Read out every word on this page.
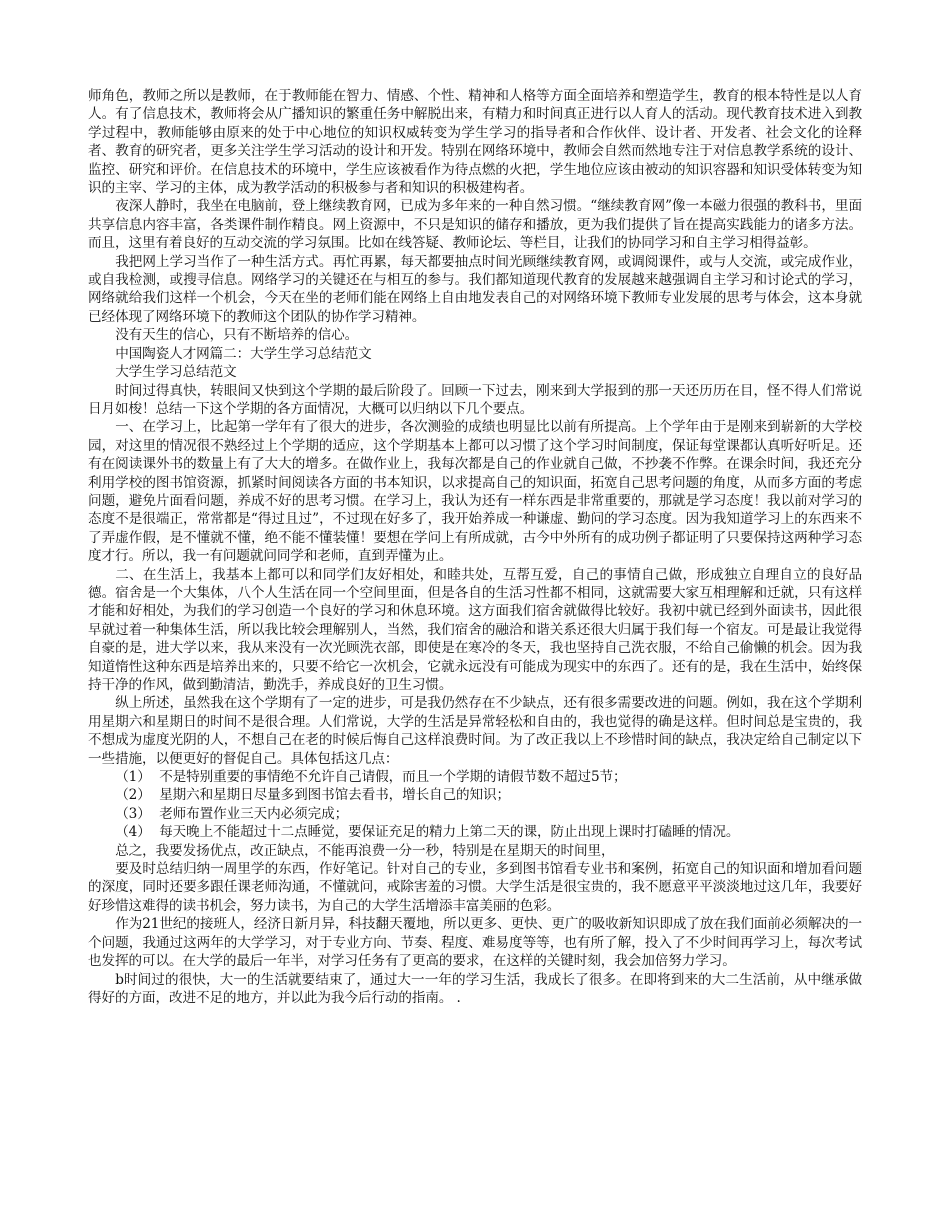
师角色，教师之所以是教师，在于教师能在智力、情感、个性、精神和人格等方面全面培养和塑造学生，教育的根本特性是以人育人。有了信息技术，教师将会从广播知识的繁重任务中解脱出来，有精力和时间真正进行以人育人的活动。现代教育技术进入到教学过程中，教师能够由原来的处于中心地位的知识权威转变为学生学习的指导者和合作伙伴、设计者、开发者、社会文化的诠释者、教育的研究者，更多关注学生学习活动的设计和开发。特别在网络环境中，教师会自然而然地专注于对信息教学系统的设计、监控、研究和评价。在信息技术的环境中，学生应该被看作为待点燃的火把，学生地位应该由被动的知识容器和知识受体转变为知识的主宰、学习的主体，成为教学活动的积极参与者和知识的积极建构者。

夜深人静时，我坐在电脑前，登上继续教育网，已成为多年来的一种自然习惯。“继续教育网”像一本磁力很强的教科书，里面共享信息内容丰富，各类课件制作精良。网上资源中，不只是知识的储存和播放，更为我们提供了旨在提高实践能力的诸多方法。而且，这里有着良好的互动交流的学习氛围。比如在线答疑、教师论坛、等栏目，让我们的协同学习和自主学习相得益彰。

我把网上学习当作了一种生活方式。再忙再累，每天都要抽点时间光顾继续教育网，或调阅课件，或与人交流，或完成作业，或自我检测，或搜寻信息。网络学习的关键还在与相互的参与。我们都知道现代教育的发展越来越强调自主学习和讨论式的学习，网络就给我们这样一个机会，今天在坐的老师们能在网络上自由地发表自己的对网络环境下教师专业发展的思考与体会，这本身就已经体现了网络环境下的教师这个团队的协作学习精神。

没有天生的信心，只有不断培养的信心。

中国陶瓷人才网篇二：大学生学习总结范文

大学生学习总结范文

时间过得真快，转眼间又快到这个学期的最后阶段了。回顾一下过去，刚来到大学报到的那一天还历历在目，怪不得人们常说日月如梭！总结一下这个学期的各方面情况，大概可以归纳以下几个要点。

一、在学习上，比起第一学年有了很大的进步，各次测验的成绩也明显比以前有所提高。上个学年由于是刚来到崭新的大学校园，对这里的情况很不熟经过上个学期的适应，这个学期基本上都可以习惯了这个学习时间制度，保证每堂课都认真听好听足。还有在阅读课外书的数量上有了大大的增多。在做作业上，我每次都是自己的作业就自己做，不抄袭不作弊。在课余时间，我还充分利用学校的图书馆资源，抓紧时间阅读各方面的书本知识，以求提高自己的知识面，拓宽自己思考问题的角度，从而多方面的考虑问题，避免片面看问题，养成不好的思考习惯。在学习上，我认为还有一样东西是非常重要的，那就是学习态度！我以前对学习的态度不是很端正，常常都是“得过且过”，不过现在好多了，我开始养成一种谦虚、勤问的学习态度。因为我知道学习上的东西来不了弄虚作假，是不懂就不懂，绝不能不懂装懂！要想在学问上有所成就，古今中外所有的成功例子都证明了只要保持这两种学习态度才行。所以，我一有问题就问同学和老师，直到弄懂为止。

二、在生活上，我基本上都可以和同学们友好相处，和睦共处，互帮互爱，自己的事情自己做，形成独立自理自立的良好品德。宿舍是一个大集体，八个人生活在同一个空间里面，但是各自的生活习性都不相同，这就需要大家互相理解和迁就，只有这样才能和好相处，为我们的学习创造一个良好的学习和休息环境。这方面我们宿舍就做得比较好。我初中就已经到外面读书，因此很早就过着一种集体生活，所以我比较会理解别人，当然，我们宿舍的融洽和谐关系还很大归属于我们每一个宿友。可是最让我觉得自豪的是，进大学以来，我从来没有一次光顾洗衣部，即使是在寒冷的冬天，我也坚持自己洗衣服，不给自己偷懒的机会。因为我知道惰性这种东西是培养出来的，只要不给它一次机会，它就永远没有可能成为现实中的东西了。还有的是，我在生活中，始终保持干净的作风，做到勤清洁，勤洗手，养成良好的卫生习惯。

纵上所述，虽然我在这个学期有了一定的进步，可是我仍然存在不少缺点，还有很多需要改进的问题。例如，我在这个学期利用星期六和星期日的时间不是很合理。人们常说，大学的生活是异常轻松和自由的，我也觉得的确是这样。但时间总是宝贵的，我不想成为虚度光阴的人，不想自己在老的时候后悔自己这样浪费时间。为了改正我以上不珍惜时间的缺点，我决定给自己制定以下一些措施，以便更好的督促自己。具体包括这几点：

（1） 不是特别重要的事情绝不允许自己请假，而且一个学期的请假节数不超过5节；

（2） 星期六和星期日尽量多到图书馆去看书，增长自己的知识；

（3） 老师布置作业三天内必须完成；

（4） 每天晚上不能超过十二点睡觉，要保证充足的精力上第二天的课，防止出现上课时打磕睡的情况。

总之，我要发扬优点，改正缺点，不能再浪费一分一秒，特别是在星期天的时间里，

要及时总结归纳一周里学的东西，作好笔记。针对自己的专业，多到图书馆看专业书和案例，拓宽自己的知识面和增加看问题的深度，同时还要多跟任课老师沟通，不懂就问，戒除害羞的习惯。大学生活是很宝贵的，我不愿意平平淡淡地过这几年，我要好好珍惜这难得的读书机会，努力读书，为自己的大学生活增添丰富美丽的色彩。

作为21世纪的接班人，经济日新月异，科技翻天覆地，所以更多、更快、更广的吸收新知识即成了放在我们面前必须解决的一个问题，我通过这两年的大学学习，对于专业方向、节奏、程度、难易度等等，也有所了解，投入了不少时间再学习上，每次考试也发挥的可以。在大学的最后一年半，对学习任务有了更高的要求，在这样的关键时刻，我会加倍努力学习。

b时间过的很快，大一的生活就要结束了，通过大一一年的学习生活，我成长了很多。在即将到来的大二生活前，从中继承做得好的方面，改进不足的地方，并以此为我今后行动的指南。 .
